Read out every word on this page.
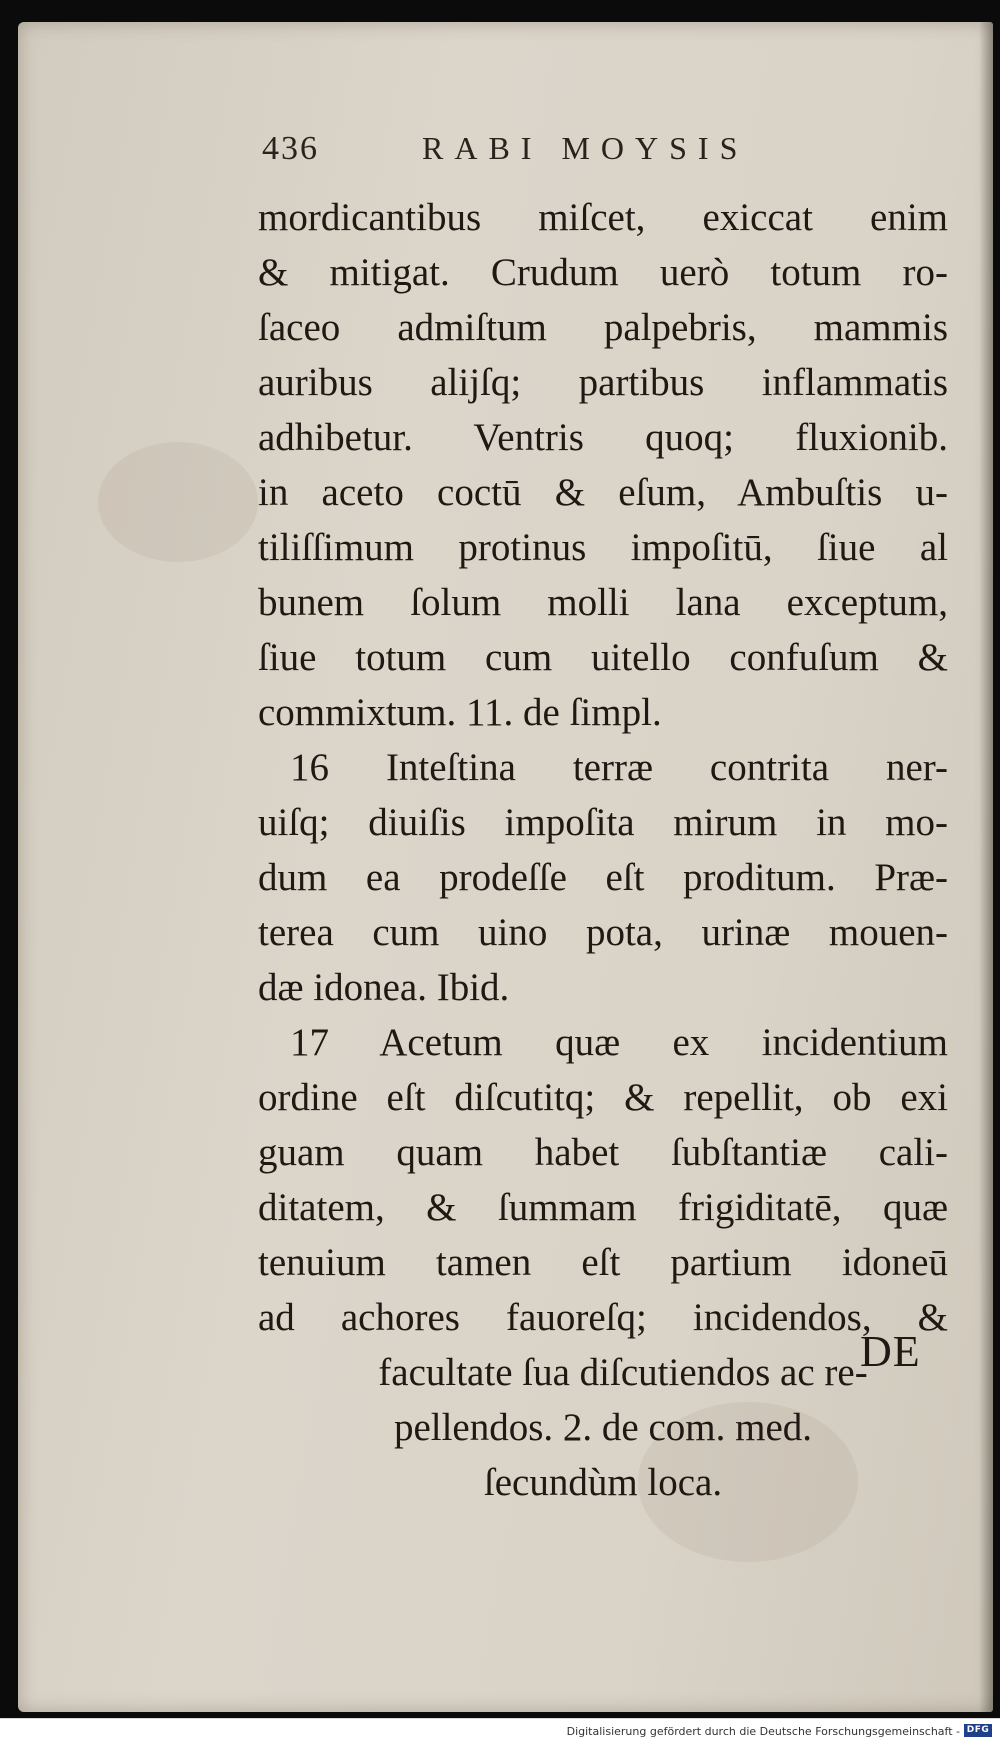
436	RABI MOYSIS
mordicantibus miſcet, exiccat enim
& mitigat. Crudum uerò totum ro-
ſaceo admiſtum palpebris, mammis
auribus alijſq; partibus inflammatis
adhibetur. Ventris quoq; fluxionib.
in aceto coctū & eſum, Ambuſtis u-
tiliſſimum protinus impoſitū, ſiue al
bunem ſolum molli lana exceptum,
ſiue totum cum uitello confuſum &
commixtum. 11. de ſimpl.
16 Inteſtina terræ contrita ner-
uiſq; diuiſis impoſita mirum in mo-
dum ea prodeſſe eſt proditum. Præ-
terea cum uino pota, urinæ mouen-
dæ idonea. Ibid.
17 Acetum quæ ex incidentium
ordine eſt diſcutitq; & repellit, ob exi
guam quam habet ſubſtantiæ cali-
ditatem, & ſummam frigiditatē, quæ
tenuium tamen eſt partium idoneū
ad achores fauoreſq; incidendos, &
facultate ſua diſcutiendos ac re-
pellendos. 2. de com. med.
ſecundùm loca.
DE
Digitalisierung gefördert durch die Deutsche Forschungsgemeinschaft - DFG
